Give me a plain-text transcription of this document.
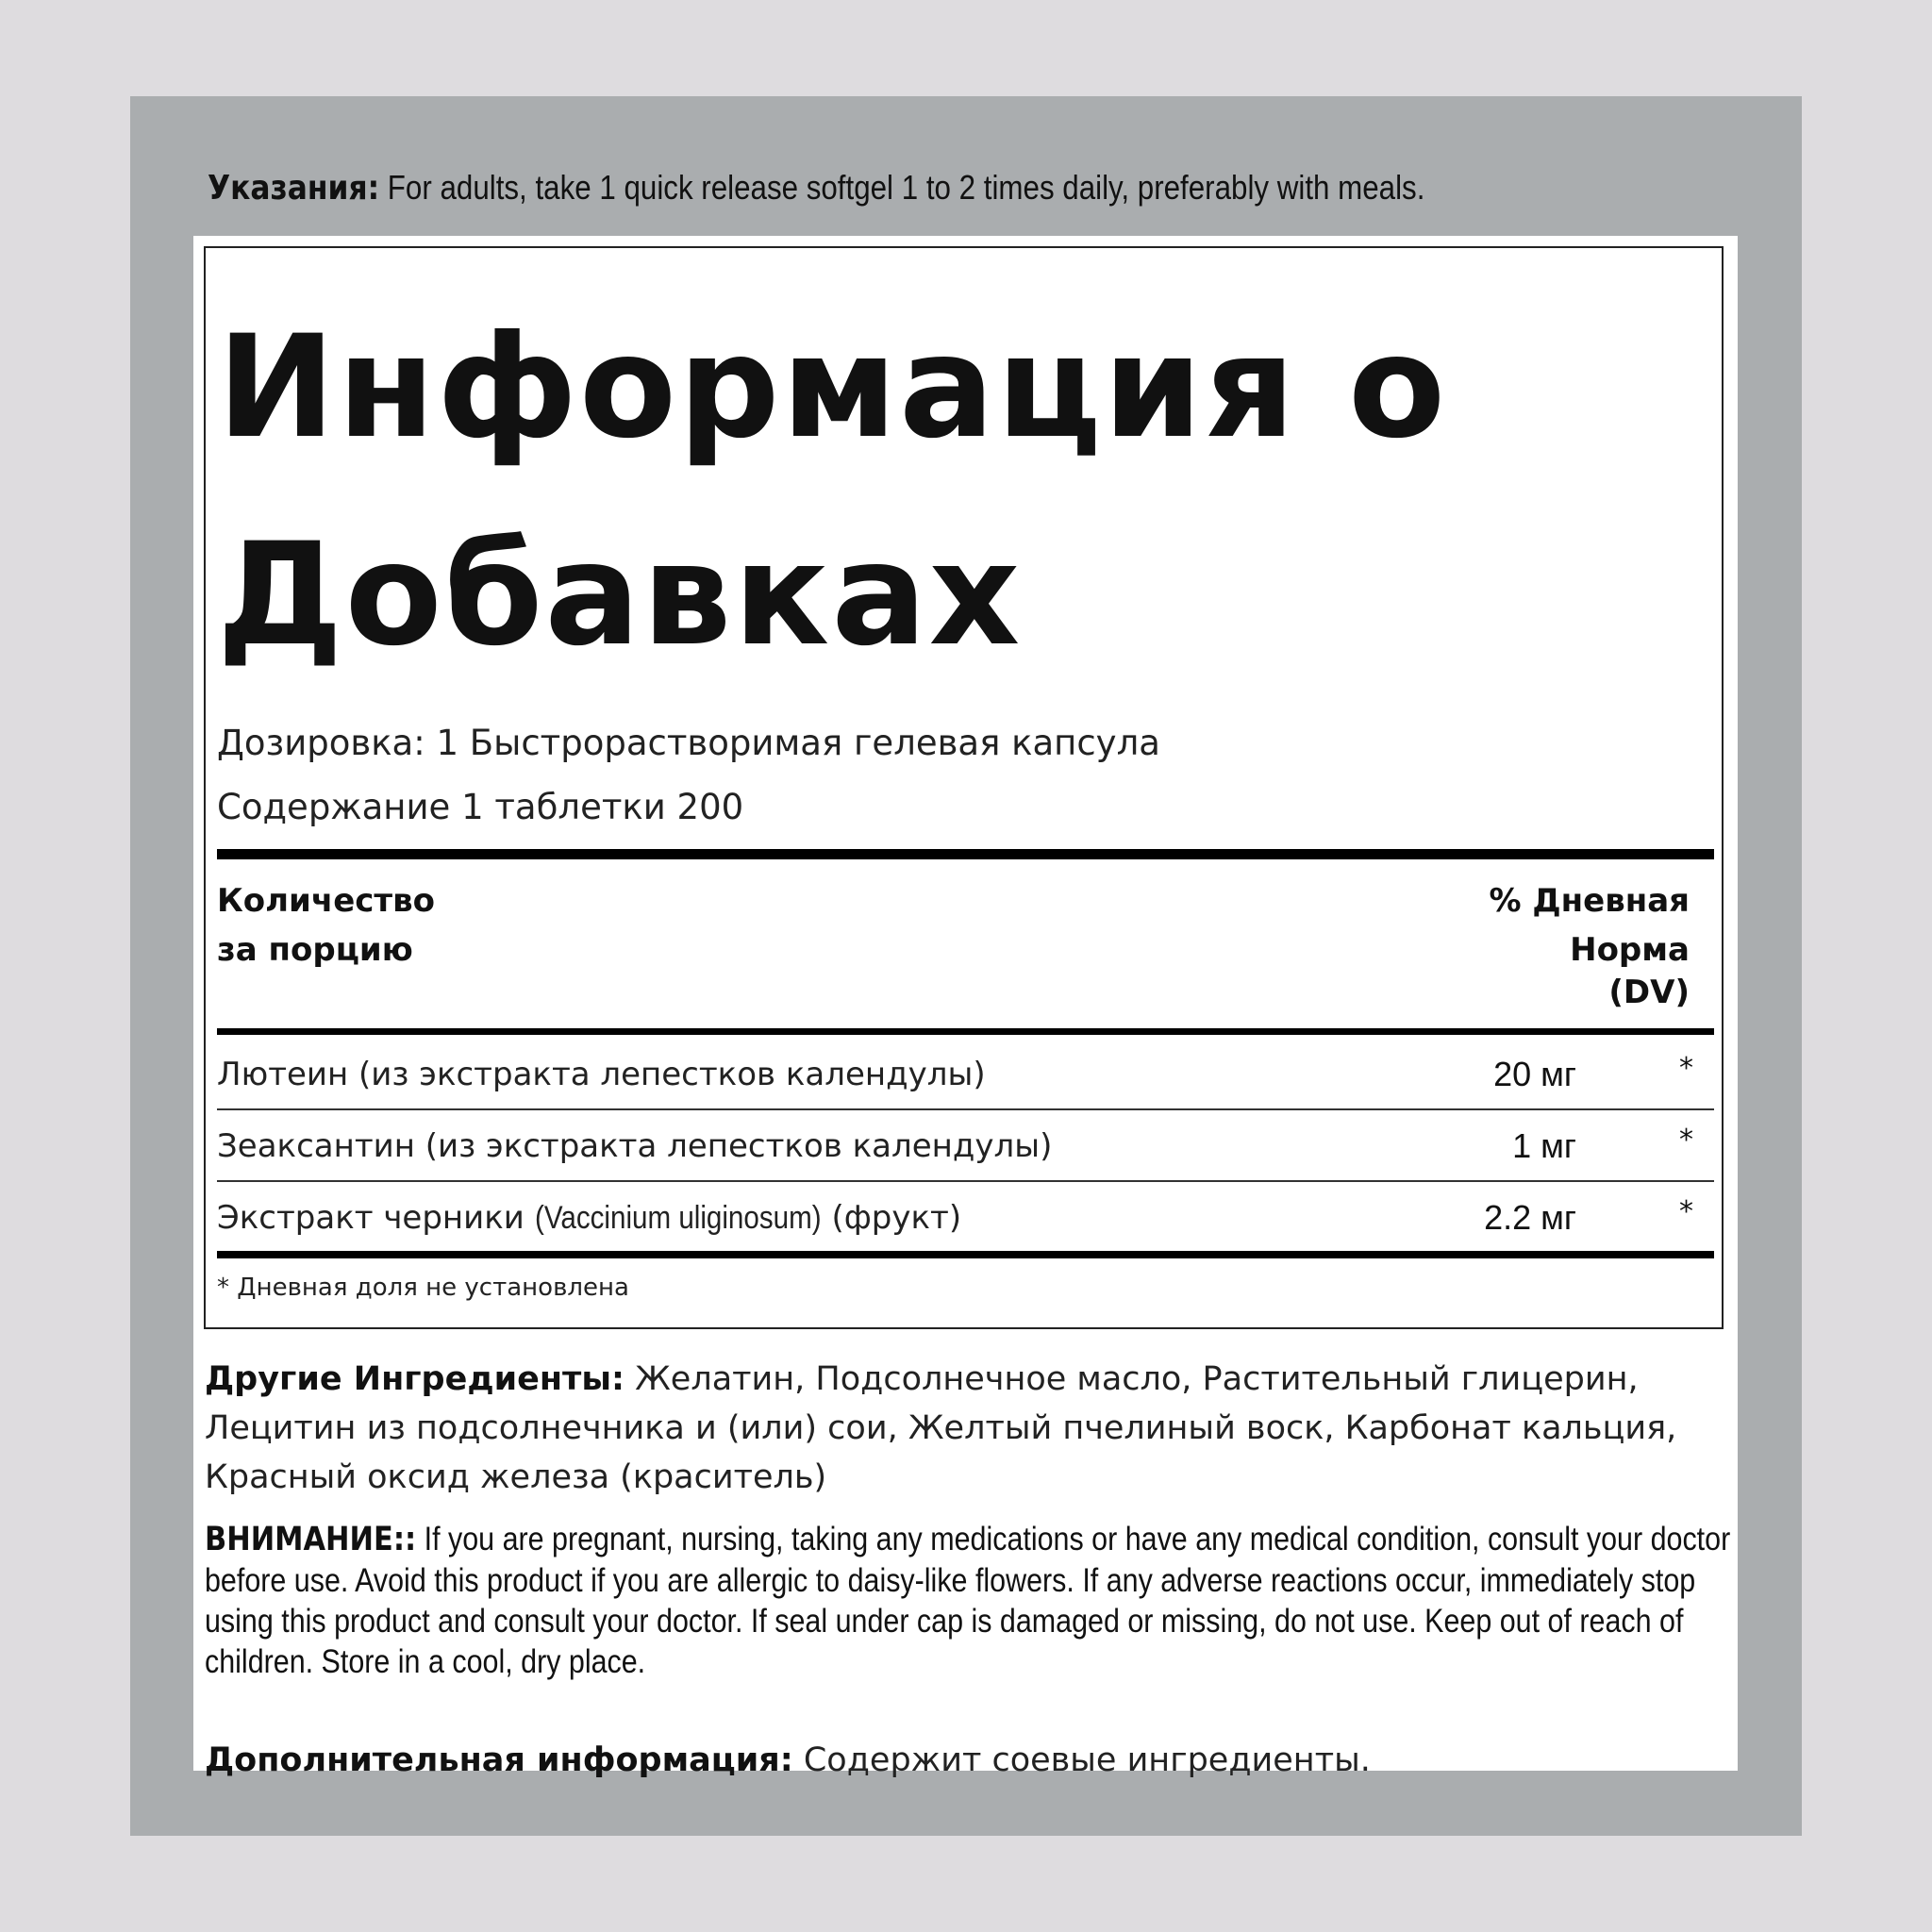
Указания: For adults, take 1 quick release softgel 1 to 2 times daily, preferably with meals.
Информация о Добавках
Дозировка: 1 Быстрорастворимая гелевая капсула
Содержание 1 таблетки 200
Количество
за порцию
% Дневная
Норма
(DV)
Лютеин (из экстракта лепестков календулы)	20 мг	*
Зеаксантин (из экстракта лепестков календулы)	1 мг	*
Экстракт черники (Vaccinium uliginosum) (фрукт)	2.2 мг	*
* Дневная доля не установлена
Другие Ингредиенты: Желатин, Подсолнечное масло, Растительный глицерин, Лецитин из подсолнечника и (или) сои, Желтый пчелиный воск, Карбонат кальция, Красный оксид железа (краситель)
ВНИМАНИЕ:: If you are pregnant, nursing, taking any medications or have any medical condition, consult your doctor before use. Avoid this product if you are allergic to daisy-like flowers. If any adverse reactions occur, immediately stop using this product and consult your doctor. If seal under cap is damaged or missing, do not use. Keep out of reach of children. Store in a cool, dry place.
Дополнительная информация: Содержит соевые ингредиенты.
